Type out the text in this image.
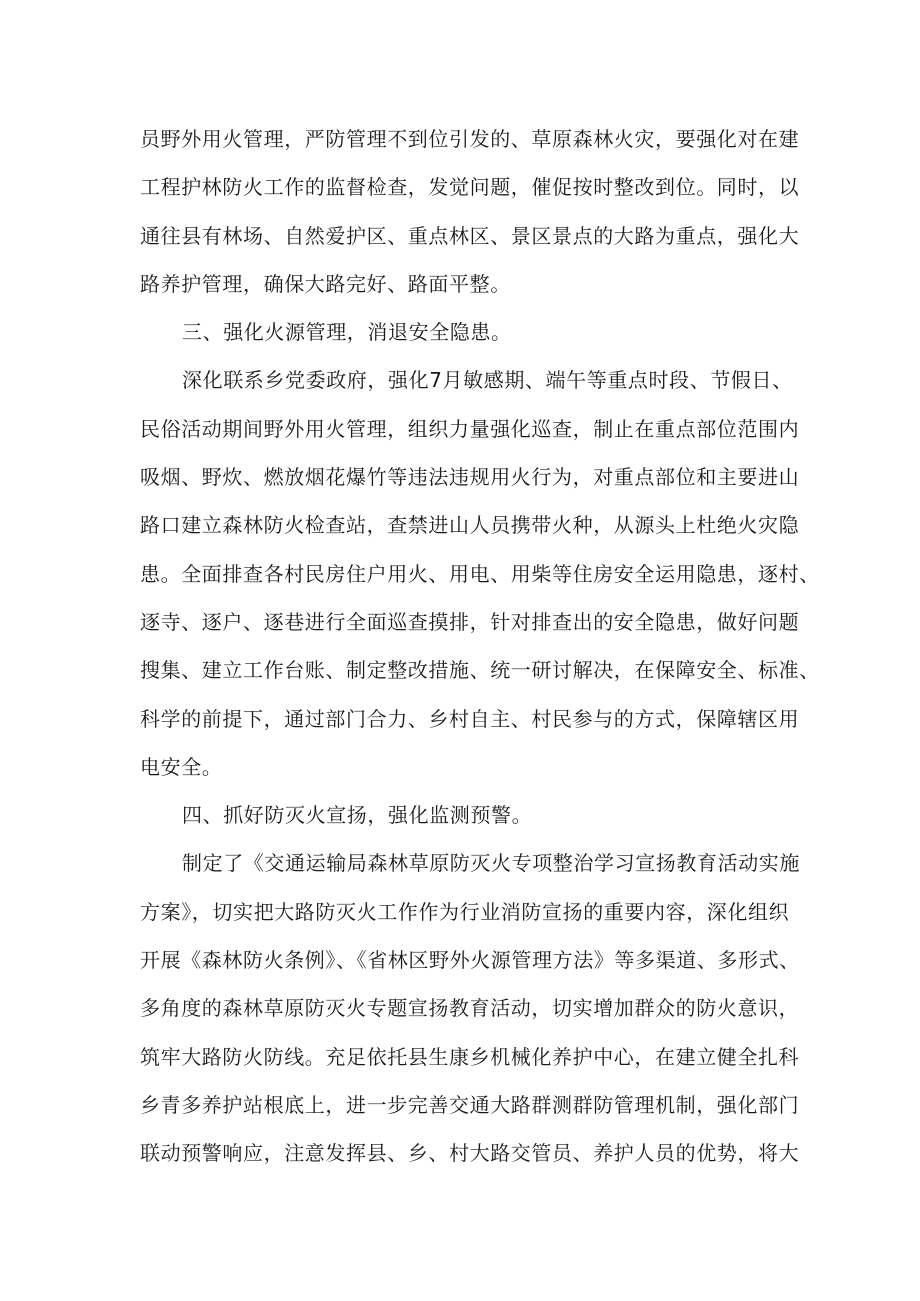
员野外用火管理，严防管理不到位引发的、草原森林火灾，要强化对在建
工程护林防火工作的监督检查，发觉问题，催促按时整改到位。同时，以
通往县有林场、自然爱护区、重点林区、景区景点的大路为重点，强化大
路养护管理，确保大路完好、路面平整。
三、强化火源管理，消退安全隐患。
深化联系乡党委政府，强化7月敏感期、端午等重点时段、节假日、
民俗活动期间野外用火管理，组织力量强化巡查，制止在重点部位范围内
吸烟、野炊、燃放烟花爆竹等违法违规用火行为，对重点部位和主要进山
路口建立森林防火检查站，查禁进山人员携带火种，从源头上杜绝火灾隐
患。全面排查各村民房住户用火、用电、用柴等住房安全运用隐患，逐村、
逐寺、逐户、逐巷进行全面巡查摸排，针对排查出的安全隐患，做好问题
搜集、建立工作台账、制定整改措施、统一研讨解决，在保障安全、标准、
科学的前提下，通过部门合力、乡村自主、村民参与的方式，保障辖区用
电安全。
四、抓好防灭火宣扬，强化监测预警。
制定了《交通运输局森林草原防灭火专项整治学习宣扬教育活动实施
方案》，切实把大路防灭火工作作为行业消防宣扬的重要内容，深化组织
开展《森林防火条例》、《省林区野外火源管理方法》等多渠道、多形式、
多角度的森林草原防灭火专题宣扬教育活动，切实增加群众的防火意识，
筑牢大路防火防线。充足依托县生康乡机械化养护中心，在建立健全扎科
乡青多养护站根底上，进一步完善交通大路群测群防管理机制，强化部门
联动预警响应，注意发挥县、乡、村大路交管员、养护人员的优势，将大
